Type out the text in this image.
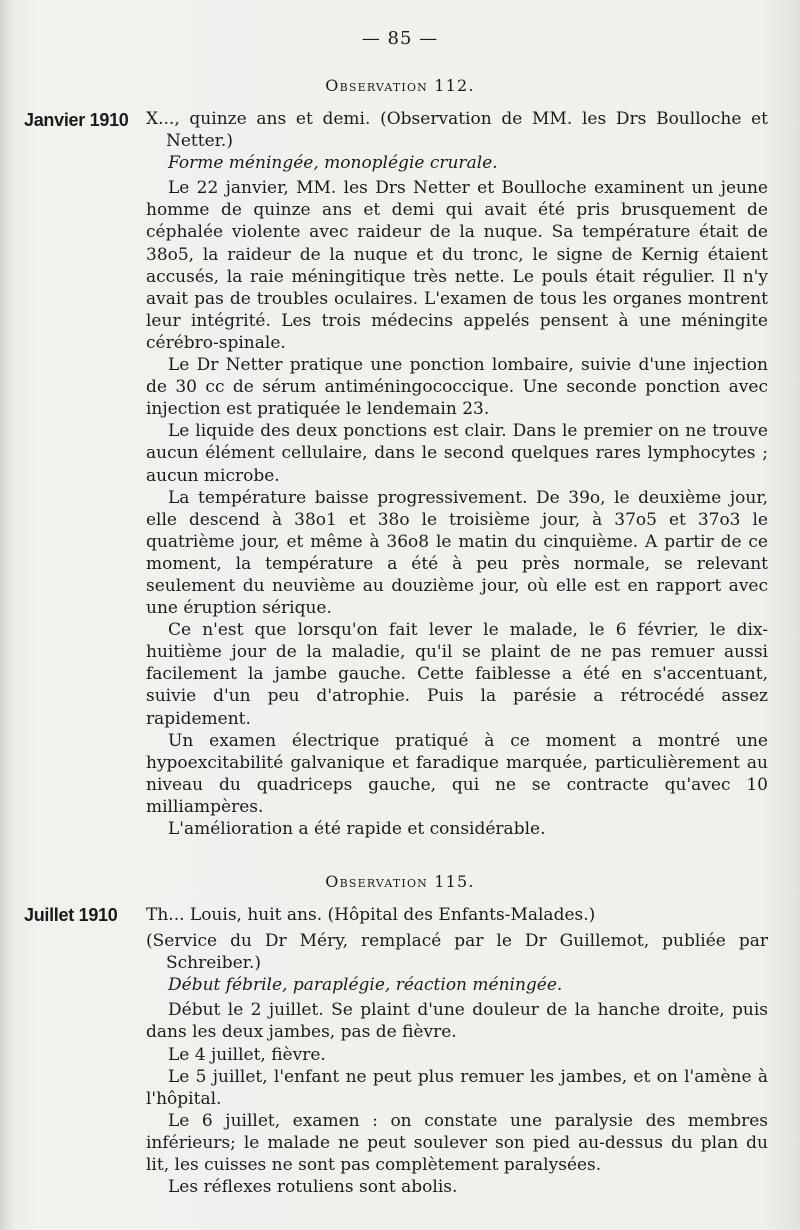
— 85 —
Observation 112.
Janvier 1910 X..., quinze ans et demi. (Observation de MM. les Drs Boulloche et Netter.)

Forme méningée, monoplégie crurale.

Le 22 janvier, MM. les Drs Netter et Boulloche examinent un jeune homme de quinze ans et demi qui avait été pris brusquement de céphalée violente avec raideur de la nuque. Sa température était de 38o5, la raideur de la nuque et du tronc, le signe de Kernig étaient accusés, la raie méningitique très nette. Le pouls était régulier. Il n'y avait pas de troubles oculaires. L'examen de tous les organes montrent leur intégrité. Les trois médecins appelés pensent à une méningite cérébro-spinale.

Le Dr Netter pratique une ponction lombaire, suivie d'une injection de 30 cc de sérum antiméningococcique. Une seconde ponction avec injection est pratiquée le lendemain 23.

Le liquide des deux ponctions est clair. Dans le premier on ne trouve aucun élément cellulaire, dans le second quelques rares lymphocytes ; aucun microbe.

La température baisse progressivement. De 39o, le deuxième jour, elle descend à 38o1 et 38o le troisième jour, à 37o5 et 37o3 le quatrième jour, et même à 36o8 le matin du cinquième. A partir de ce moment, la température a été à peu près normale, se relevant seulement du neuvième au douzième jour, où elle est en rapport avec une éruption sérique.

Ce n'est que lorsqu'on fait lever le malade, le 6 février, le dix-huitième jour de la maladie, qu'il se plaint de ne pas remuer aussi facilement la jambe gauche. Cette faiblesse a été en s'accentuant, suivie d'un peu d'atrophie. Puis la parésie a rétrocédé assez rapidement.

Un examen électrique pratiqué à ce moment a montré une hypoexcitabilité galvanique et faradique marquée, particulièrement au niveau du quadriceps gauche, qui ne se contracte qu'avec 10 milliampères.

L'amélioration a été rapide et considérable.

Observation 115.
Juillet 1910 Th... Louis, huit ans. (Hôpital des Enfants-Malades.)

(Service du Dr Méry, remplacé par le Dr Guillemot, publiée par Schreiber.)

Début fébrile, paraplégie, réaction méningée.

Début le 2 juillet. Se plaint d'une douleur de la hanche droite, puis dans les deux jambes, pas de fièvre.

Le 4 juillet, fièvre.

Le 5 juillet, l'enfant ne peut plus remuer les jambes, et on l'amène à l'hôpital.

Le 6 juillet, examen : on constate une paralysie des membres inférieurs; le malade ne peut soulever son pied au-dessus du plan du lit, les cuisses ne sont pas complètement paralysées.

Les réflexes rotuliens sont abolis.
